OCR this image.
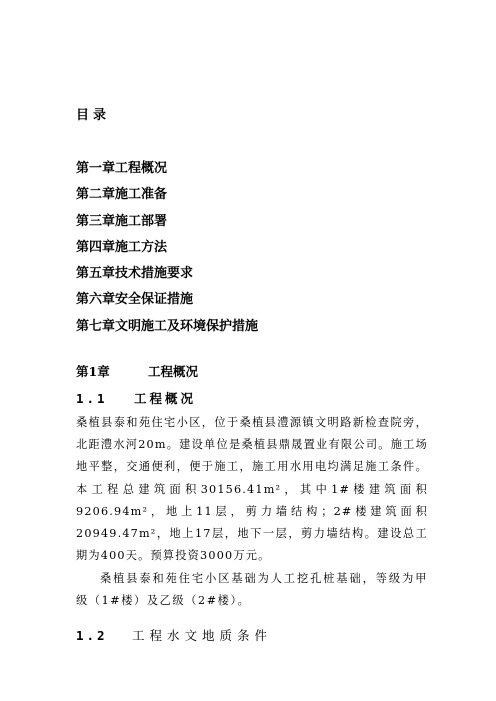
目录
第一章工程概况
第二章施工准备
第三章施工部署
第四章施工方法
第五章技术措施要求
第六章安全保证措施
第七章文明施工及环境保护措施
第1章	工程概况
1.1 工程概况

桑植县泰和苑住宅小区，位于桑植县澧源镇文明路新检查院旁，北距澧水河20m。建设单位是桑植县鼎晟置业有限公司。施工场地平整，交通便利，便于施工，施工用水用电均满足施工条件。本工程总建筑面积30156.41m²，其中1#楼建筑面积9206.94m²，地上11层，剪力墙结构；2#楼建筑面积20949.47m²，地上17层，地下一层，剪力墙结构。建设总工期为400天。预算投资3000万元。

桑植县泰和苑住宅小区基础为人工挖孔桩基础，等级为甲级（1#楼）及乙级（2#楼）。

1.2 工程水文地质条件
